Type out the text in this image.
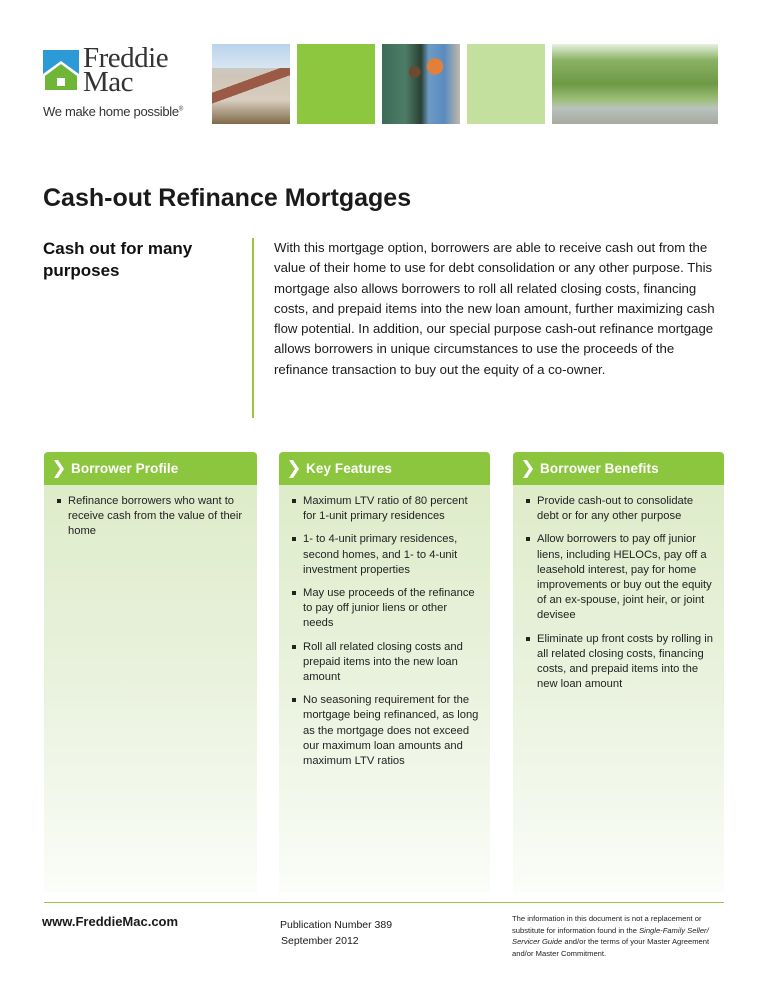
Freddie
Mac
We make home possible®
Cash-out Refinance Mortgages
Cash out for many purposes

With this mortgage option, borrowers are able to receive cash out from the value of their home to use for debt consolidation or any other purpose. This mortgage also allows borrowers to roll all related closing costs, financing costs, and prepaid items into the new loan amount, further maximizing cash flow potential. In addition, our special purpose cash-out refinance mortgage allows borrowers in unique circumstances to use the proceeds of the refinance transaction to buy out the equity of a co-owner.

Borrower Profile
Refinance borrowers who want to receive cash from the value of their home
Key Features
Maximum LTV ratio of 80 percent for 1-unit primary residences
1- to 4-unit primary residences, second homes, and 1- to 4-unit investment properties
May use proceeds of the refinance to pay off junior liens or other needs
Roll all related closing costs and prepaid items into the new loan amount
No seasoning requirement for the mortgage being refinanced, as long as the mortgage does not exceed our maximum loan amounts and maximum LTV ratios
Borrower Benefits
Provide cash-out to consolidate debt or for any other purpose
Allow borrowers to pay off junior liens, including HELOCs, pay off a leasehold interest, pay for home improvements or buy out the equity of an ex-spouse, joint heir, or joint devisee
Eliminate up front costs by rolling in all related closing costs, financing costs, and prepaid items into the new loan amount
www.FreddieMac.com	Publication Number 389
September 2012
The information in this document is not a replacement or substitute for information found in the Single-Family Seller/ Servicer Guide and/or the terms of your Master Agreement and/or Master Commitment.
